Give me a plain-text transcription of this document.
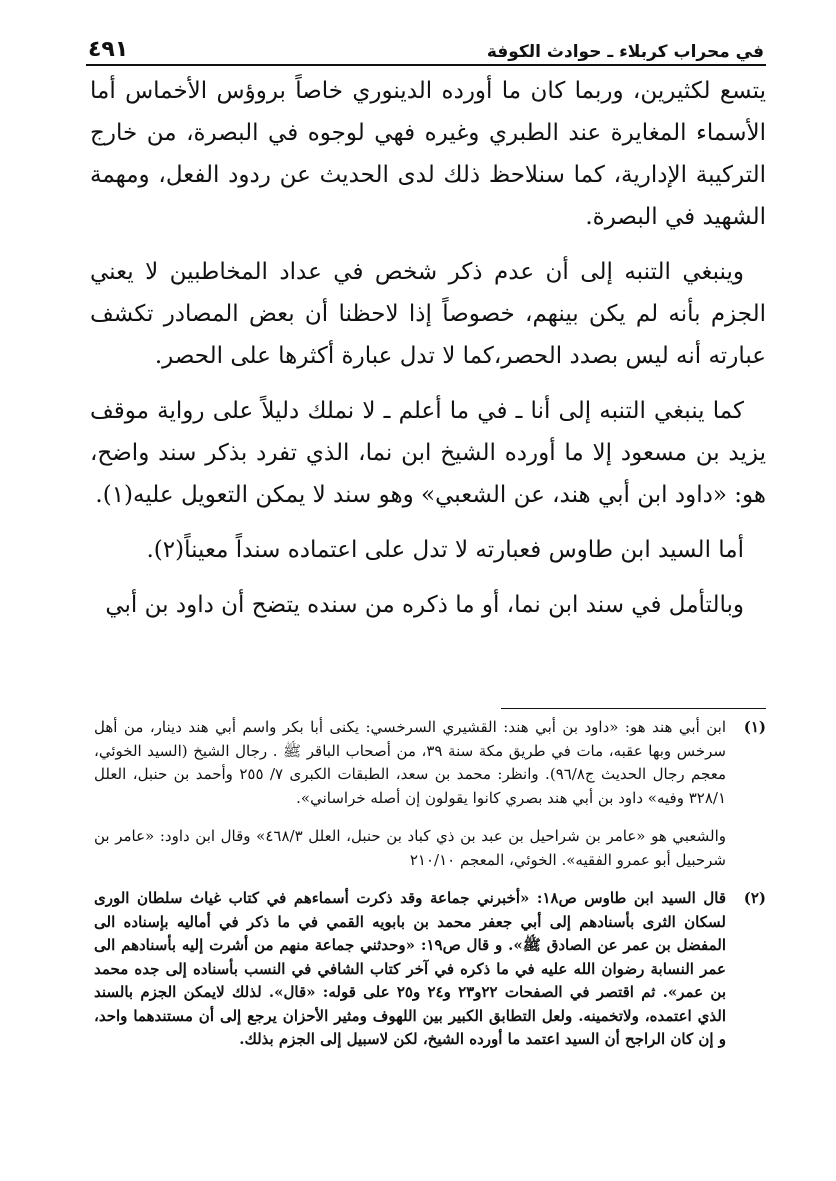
في محراب كربلاء ـ حوادث الكوفة
٤٩١

يتسع لكثيرين، وربما كان ما أورده الدينوري خاصاً بروؤس الأخماس أما الأسماء المغايرة عند الطبري وغيره فهي لوجوه في البصرة، من خارج التركيبة الإدارية، كما سنلاحظ ذلك لدى الحديث عن ردود الفعل، ومهمة الشهيد في البصرة.

وينبغي التنبه إلى أن عدم ذكر شخص في عداد المخاطبين لا يعني الجزم بأنه لم يكن بينهم، خصوصاً إذا لاحظنا أن بعض المصادر تكشف عبارته أنه ليس بصدد الحصر،كما لا تدل عبارة أكثرها على الحصر.

كما ينبغي التنبه إلى أنا ـ في ما أعلم ـ لا نملك دليلاً على رواية موقف يزيد بن مسعود إلا ما أورده الشيخ ابن نما، الذي تفرد بذكر سند واضح، هو: «داود ابن أبي هند، عن الشعبي» وهو سند لا يمكن التعويل عليه(١).

أما السيد ابن طاوس فعبارته لا تدل على اعتماده سنداً معيناً(٢).

وبالتأمل في سند ابن نما، أو ما ذكره من سنده يتضح أن داود بن أبي

(١)

ابن أبي هند هو: «داود بن أبي هند: القشيري السرخسي: يكنى أبا بكر واسم أبي هند دينار، من أهل سرخس وبها عقبه، مات في طريق مكة سنة ٣٩، من أصحاب الباقر ﷺ . رجال الشيخ (السيد الخوئي، معجم رجال الحديث ج٩٦/٨). وانظر: محمد بن سعد، الطبقات الكبرى ٧/ ٢٥٥ وأحمد بن حنبل، العلل ٣٢٨/١ وفيه» داود بن أبي هند بصري كانوا يقولون إن أصله خراساني».

والشعبي هو «عامر بن شراحيل بن عبد بن ذي كباد بن حنبل، العلل ٤٦٨/٣» وقال ابن داود: «عامر بن شرحبيل أبو عمرو الفقيه». الخوئي، المعجم ٢١٠/١٠

(٢)

قال السيد ابن طاوس ص١٨: «أخبرني جماعة وقد ذكرت أسماءهم في كتاب غياث سلطان الورى لسكان الثرى بأسنادهم إلى أبي جعفر محمد بن بابويه القمي في ما ذكر في أماليه بإسناده الى المفضل بن عمر عن الصادق ﷺ». و قال ص١٩: «وحدثني جماعة منهم من أشرت إليه بأسنادهم الى عمر النسابة رضوان الله عليه في ما ذكره في آخر كتاب الشافي في النسب بأسناده إلى جده محمد بن عمر». ثم اقتصر في الصفحات ٢٢و٢٣ و٢٤ و٢٥ على قوله: «قال». لذلك لايمكن الجزم بالسند الذي اعتمده، ولاتخمينه. ولعل التطابق الكبير بين اللهوف ومثير الأحزان يرجع إلى أن مستندهما واحد، و إن كان الراجح أن السيد اعتمد ما أورده الشيخ، لكن لاسبيل إلى الجزم بذلك.
